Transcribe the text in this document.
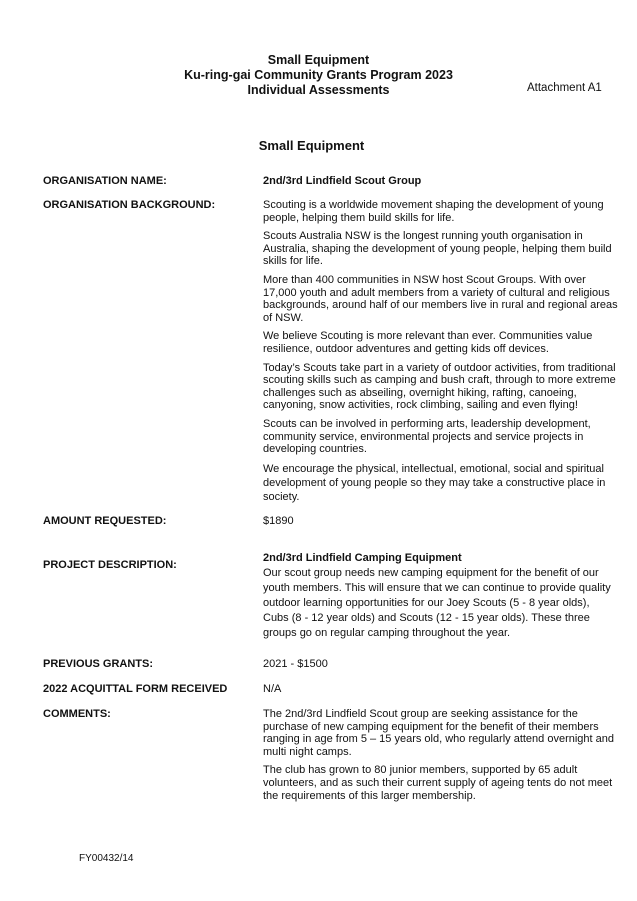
Small Equipment
Ku-ring-gai Community Grants Program 2023
Individual Assessments	Attachment A1
Small Equipment
ORGANISATION NAME:	2nd/3rd Lindfield Scout Group
ORGANISATION BACKGROUND:	Scouting is a worldwide movement shaping the development of young people, helping them build skills for life.

Scouts Australia NSW is the longest running youth organisation in Australia, shaping the development of young people, helping them build skills for life.

More than 400 communities in NSW host Scout Groups. With over 17,000 youth and adult members from a variety of cultural and religious backgrounds, around half of our members live in rural and regional areas of NSW.

We believe Scouting is more relevant than ever. Communities value resilience, outdoor adventures and getting kids off devices.

Today’s Scouts take part in a variety of outdoor activities, from traditional scouting skills such as camping and bush craft, through to more extreme challenges such as abseiling, overnight hiking, rafting, canoeing, canyoning, snow activities, rock climbing, sailing and even flying!

Scouts can be involved in performing arts, leadership development, community service, environmental projects and service projects in developing countries.

We encourage the physical, intellectual, emotional, social and spiritual development of young people so they may take a constructive place in society.

AMOUNT REQUESTED:	$1890
PROJECT DESCRIPTION:
2nd/3rd Lindfield Camping Equipment
Our scout group needs new camping equipment for the benefit of our youth members. This will ensure that we can continue to provide quality outdoor learning opportunities for our Joey Scouts (5 - 8 year olds), Cubs (8 - 12 year olds) and Scouts (12 - 15 year olds). These three groups go on regular camping throughout the year.
PREVIOUS GRANTS:	2021 - $1500
2022 ACQUITTAL FORM RECEIVED	N/A
COMMENTS:	The 2nd/3rd Lindfield Scout group are seeking assistance for the purchase of new camping equipment for the benefit of their members ranging in age from 5 – 15 years old, who regularly attend overnight and multi night camps.

The club has grown to 80 junior members, supported by 65 adult volunteers, and as such their current supply of ageing tents do not meet the requirements of this larger membership.

FY00432/14
